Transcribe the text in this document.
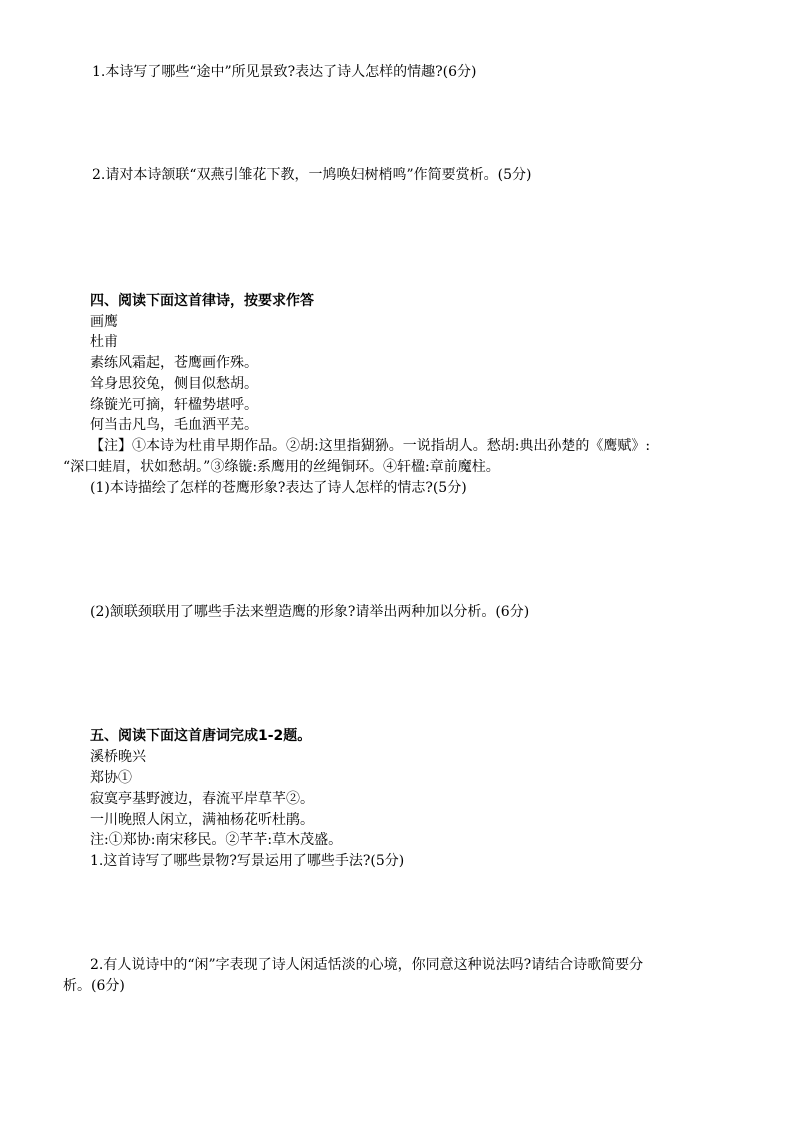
1.本诗写了哪些“途中”所见景致?表达了诗人怎样的情趣?(6分)
2.请对本诗颔联“双燕引雏花下教，一鸠唤妇树梢鸣”作简要赏析。(5分)
四、阅读下面这首律诗，按要求作答
画鹰
杜甫
素练风霜起，苍鹰画作殊。
耸身思狡兔，侧目似愁胡。
绦镟光可摘，轩楹势堪呼。
何当击凡鸟，毛血洒平芜。
【注】①本诗为杜甫早期作品。②胡:这里指猢狲。一说指胡人。愁胡:典出孙楚的《鹰赋》:
“深口蛙眉，状如愁胡。”③绦镟:系鹰用的丝绳铜环。④轩楹:章前魔柱。
(1)本诗描绘了怎样的苍鹰形象?表达了诗人怎样的情志?(5分)
(2)颔联颈联用了哪些手法来塑造鹰的形象?请举出两种加以分析。(6分)
五、阅读下面这首唐词完成1-2题。
溪桥晚兴
郑协①
寂寞亭基野渡边，春流平岸草芊②。
一川晚照人闲立，满袖杨花听杜鹃。
注:①郑协:南宋移民。②芊芊:草木茂盛。
1.这首诗写了哪些景物?写景运用了哪些手法?(5分)
2.有人说诗中的“闲”字表现了诗人闲适恬淡的心境，你同意这种说法吗?请结合诗歌简要分
析。(6分)
